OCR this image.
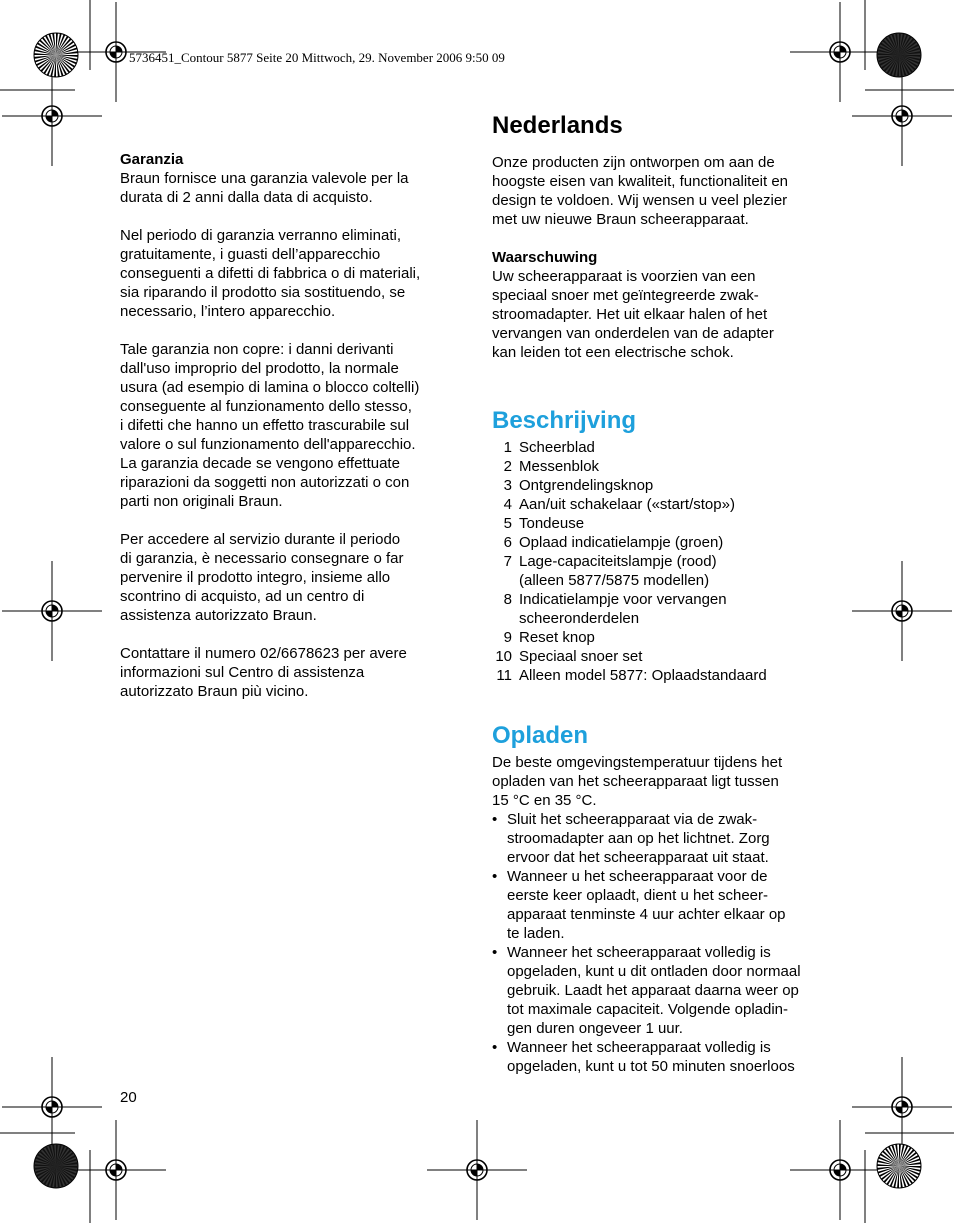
5736451_Contour 5877 Seite 20 Mittwoch, 29. November 2006 9:50 09

Garanzia

Braun fornisce una garanzia valevole per la

durata di 2 anni dalla data di acquisto.

Nel periodo di garanzia verranno eliminati,

gratuitamente, i guasti dell’apparecchio

conseguenti a difetti di fabbrica o di materiali,

sia riparando il prodotto sia sostituendo, se

necessario, l’intero apparecchio.

Tale garanzia non copre: i danni derivanti

dall'uso improprio del prodotto, la normale

usura (ad esempio di lamina o blocco coltelli)

conseguente al funzionamento dello stesso,

i difetti che hanno un effetto trascurabile sul

valore o sul funzionamento dell'apparecchio.

La garanzia decade se vengono effettuate

riparazioni da soggetti non autorizzati o con

parti non originali Braun.

Per accedere al servizio durante il periodo

di garanzia, è necessario consegnare o far

pervenire il prodotto integro, insieme allo

scontrino di acquisto, ad un centro di

assistenza autorizzato Braun.

Contattare il numero 02/6678623 per avere

informazioni sul Centro di assistenza

autorizzato Braun più vicino.

Nederlands

Onze producten zijn ontworpen om aan de

hoogste eisen van kwaliteit, functionaliteit en

design te voldoen. Wij wensen u veel plezier

met uw nieuwe Braun scheerapparaat.

Waarschuwing

Uw scheerapparaat is voorzien van een

speciaal snoer met geïntegreerde zwak-

stroomadapter. Het uit elkaar halen of het

vervangen van onderdelen van de adapter

kan leiden tot een electrische schok.

Beschrijving
1 Scheerblad
2 Messenblok
3 Ontgrendelingsknop
4 Aan/uit schakelaar («start/stop»)
5 Tondeuse
6 Oplaad indicatielampje (groen)
7 Lage-capaciteitslampje (rood)
(alleen 5877/5875 modellen)
8 Indicatielampje voor vervangen
scheeronderdelen
9 Reset knop
10 Speciaal snoer set
11 Alleen model 5877: Oplaadstandaard
Opladen

De beste omgevingstemperatuur tijdens het

opladen van het scheerapparaat ligt tussen

15 °C en 35 °C.

• Sluit het scheerapparaat via de zwak-
stroomadapter aan op het lichtnet. Zorg
ervoor dat het scheerapparaat uit staat.
• Wanneer u het scheerapparaat voor de
eerste keer oplaadt, dient u het scheer-
apparaat tenminste 4 uur achter elkaar op
te laden.
• Wanneer het scheerapparaat volledig is
opgeladen, kunt u dit ontladen door normaal
gebruik. Laadt het apparaat daarna weer op
tot maximale capaciteit. Volgende opladin-
gen duren ongeveer 1 uur.
• Wanneer het scheerapparaat volledig is
opgeladen, kunt u tot 50 minuten snoerloos
20
